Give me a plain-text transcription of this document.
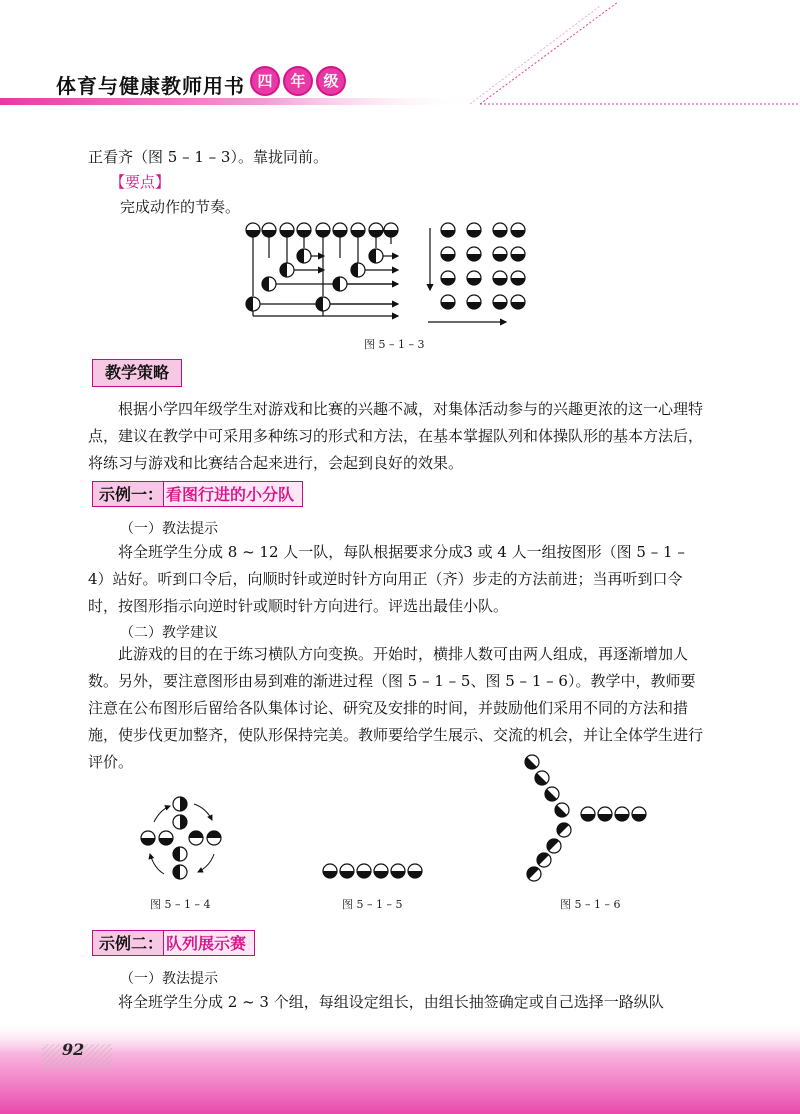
体育与健康教师用书 四	年	级
正看齐（图 5 – 1 – 3）。靠拢同前。
【要点】
完成动作的节奏。
图 5 – 1 – 3
教学策略
根据小学四年级学生对游戏和比赛的兴趣不减，对集体活动参与的兴趣更浓的这一心理特点，建议在教学中可采用多种练习的形式和方法，在基本掌握队列和体操队形的基本方法后，将练习与游戏和比赛结合起来进行，会起到良好的效果。
示例一： 看图行进的小分队
（一）教法提示
将全班学生分成 8 ~ 12 人一队，每队根据要求分成3 或 4 人一组按图形（图 5 – 1 – 4）站好。听到口令后，向顺时针或逆时针方向用正（齐）步走的方法前进；当再听到口令时，按图形指示向逆时针或顺时针方向进行。评选出最佳小队。
（二）教学建议
此游戏的目的在于练习横队方向变换。开始时，横排人数可由两人组成，再逐渐增加人数。另外，要注意图形由易到难的渐进过程（图 5 – 1 – 5、图 5 – 1 – 6）。教学中，教师要注意在公布图形后留给各队集体讨论、研究及安排的时间，并鼓励他们采用不同的方法和措施，使步伐更加整齐，使队形保持完美。教师要给学生展示、交流的机会，并让全体学生进行评价。
图 5 – 1 – 4	图 5 – 1 – 5	图 5 – 1 – 6
示例二： 队列展示赛
（一）教法提示
将全班学生分成 2 ~ 3 个组，每组设定组长，由组长抽签确定或自己选择一路纵队
92
